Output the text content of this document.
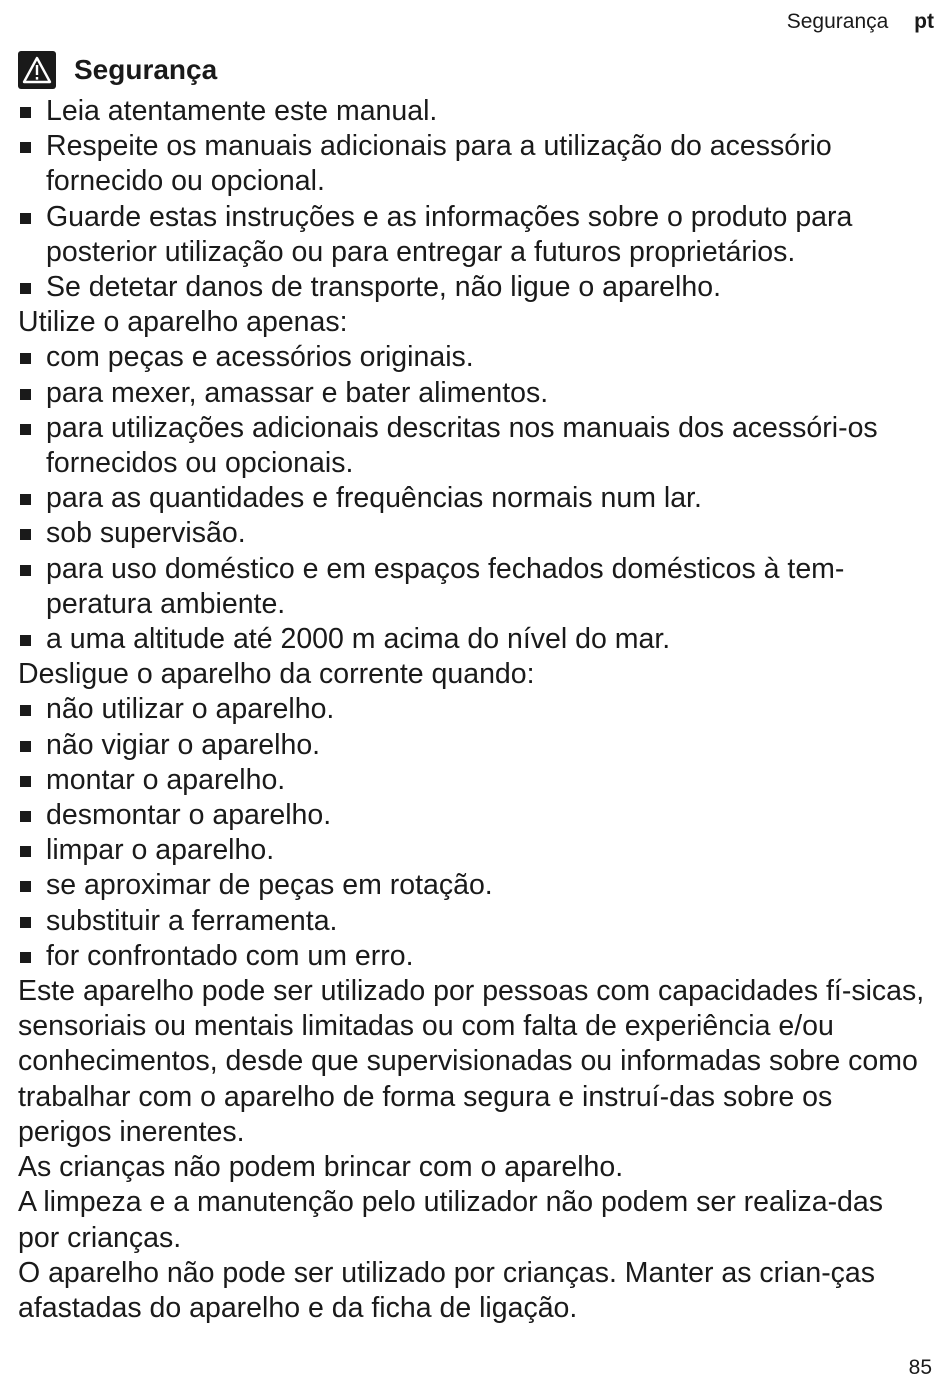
Segurança pt
Segurança
Leia atentamente este manual.
Respeite os manuais adicionais para a utilização do acessório fornecido ou opcional.
Guarde estas instruções e as informações sobre o produto para posterior utilização ou para entregar a futuros proprietários.
Se detetar danos de transporte, não ligue o aparelho.

Utilize o aparelho apenas:

com peças e acessórios originais.
para mexer, amassar e bater alimentos.
para utilizações adicionais descritas nos manuais dos acessóri-os fornecidos ou opcionais.
para as quantidades e frequências normais num lar.
sob supervisão.
para uso doméstico e em espaços fechados domésticos à tem-peratura ambiente.
a uma altitude até 2000 m acima do nível do mar.

Desligue o aparelho da corrente quando:

não utilizar o aparelho.
não vigiar o aparelho.
montar o aparelho.
desmontar o aparelho.
limpar o aparelho.
se aproximar de peças em rotação.
substituir a ferramenta.
for confrontado com um erro.

Este aparelho pode ser utilizado por pessoas com capacidades fí-sicas, sensoriais ou mentais limitadas ou com falta de experiência e/ou conhecimentos, desde que supervisionadas ou informadas sobre como trabalhar com o aparelho de forma segura e instruí-das sobre os perigos inerentes.

As crianças não podem brincar com o aparelho.

A limpeza e a manutenção pelo utilizador não podem ser realiza-das por crianças.

O aparelho não pode ser utilizado por crianças. Manter as crian-ças afastadas do aparelho e da ficha de ligação.

85
